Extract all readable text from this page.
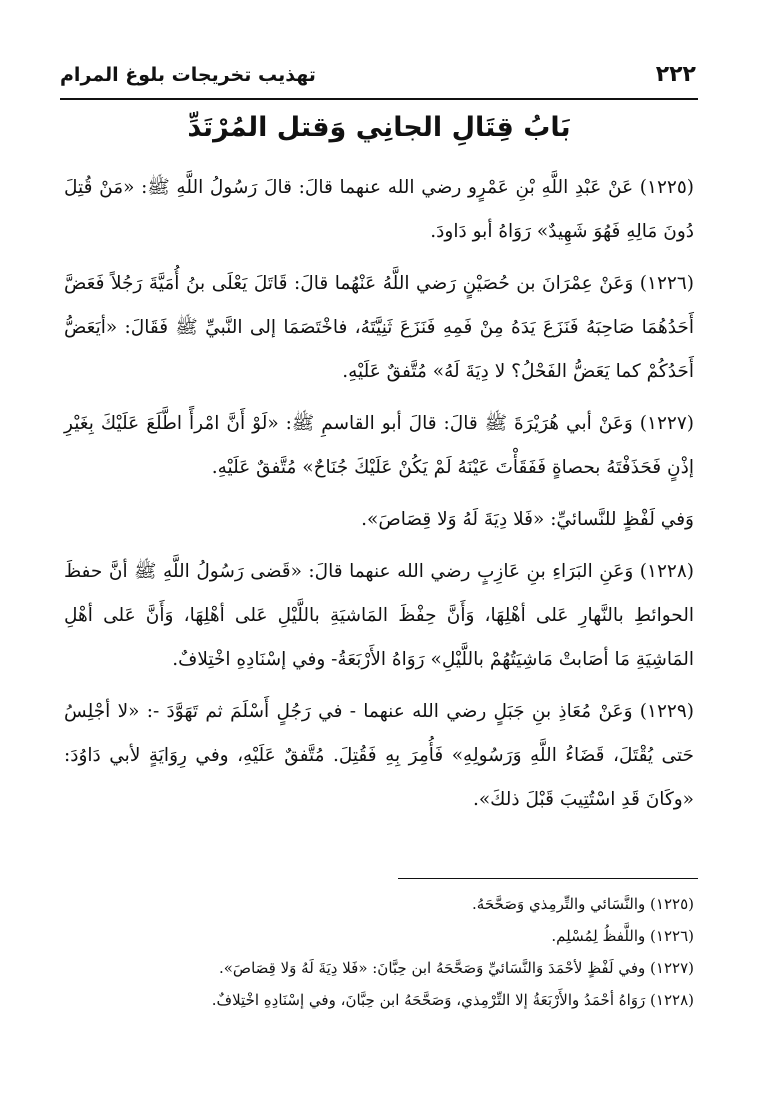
٢٢٢
تهذيب تخريجات بلوغ المرام
بَابُ قِتَالِ الجانِي وَقتل المُرْتَدِّ

(١٢٢٥) عَنْ عَبْدِ اللَّهِ بْنِ عَمْرٍو رضي الله عنهما قالَ: قالَ رَسُولُ اللَّهِ ﷺ: «مَنْ قُتِلَ دُونَ مَالِهِ فَهُوَ شَهِيدٌ» رَوَاهُ أبو دَاودَ.

(١٢٢٦) وَعَنْ عِمْرَانَ بن حُصَيْنٍ رَضي اللَّهُ عَنْهُما قالَ: قَاتَلَ يَعْلَى بنُ أُمَيَّةَ رَجُلاً فَعَضَّ أَحَدُهُمَا صَاحِبَهُ فَنَزَعَ يَدَهُ مِنْ فَمِهِ فَنَزَعَ ثَنِيَّتَهُ، فاخْتَصَمَا إلى النَّبيِّ ﷺ فَقَالَ: «أيَعَضُّ أَحَدُكُمْ كما يَعَضُّ الفَحْلُ؟ لا دِيَةَ لَهُ» مُتَّفقٌ عَلَيْهِ.

(١٢٢٧) وَعَنْ أبي هُرَيْرَةَ ﷺ قالَ: قالَ أبو القاسمِ ﷺ: «لَوْ أَنَّ امْرأً اطَّلَعَ عَلَيْكَ بِغَيْرِ إذْنٍ فَحَذَفْتَهُ بحصاةٍ فَفَقَأْتَ عَيْنَهُ لَمْ يَكُنْ عَلَيْكَ جُنَاحٌ» مُتَّفقٌ عَلَيْهِ.

وَفي لَفْظٍ للنَّسائيِّ: «فَلا دِيَةَ لَهُ وَلا قِصَاصَ».

(١٢٢٨) وَعَنِ البَرَاءِ بنِ عَازِبٍ رضي الله عنهما قالَ: «قَضى رَسُولُ اللَّهِ ﷺ أنَّ حفظَ الحوائطِ بالنَّهارِ عَلى أهْلِهَا، وَأَنَّ حِفْظَ المَاشيَةِ باللَّيْلِ عَلى أهْلِهَا، وَأَنَّ عَلى أهْلِ المَاشِيَةِ مَا أصَابتْ مَاشِيَتُهُمْ باللَّيْلِ» رَوَاهُ الأَرْبَعَةُ- وفي إسْنَادِهِ اخْتِلافٌ.

(١٢٢٩) وَعَنْ مُعَاذِ بنِ جَبَلٍ رضي الله عنهما - في رَجُلٍ أَسْلَمَ ثم تَهَوَّدَ -: «لا أجْلِسُ حَتى يُقْتَلَ، قَضَاءُ اللَّهِ وَرَسُولِهِ» فَأُمِرَ بِهِ فَقُتِلَ. مُتَّفقٌ عَلَيْهِ، وفي رِوَايَةٍ لأبي دَاوُدَ: «وكَانَ قَدِ اسْتُتِيبَ قَبْلَ ذلكَ».

(١٢٢٥) والنَّسَائي والتِّرمِذي وَصَحَّحَهُ.

(١٢٢٦) واللَّفظُ لِمُسْلِم.

(١٢٢٧) وفي لَفْظٍ لأحْمَدَ وَالنَّسَائيِّ وَصَحَّحَهُ ابن حِبَّانَ: «فَلا دِيَةَ لَهُ وَلا قِصَاصَ».

(١٢٢٨) رَوَاهُ أحْمَدُ والأَرْبَعَةُ إلا التِّرْمِذي، وَصَحَّحَهُ ابن حِبَّانَ، وفي إسْنَادِهِ اخْتِلافٌ.
